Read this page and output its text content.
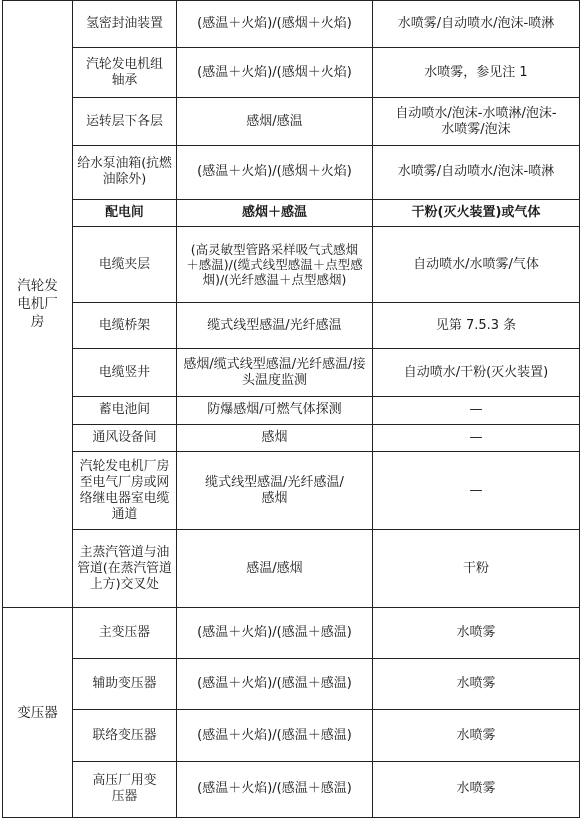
汽轮发电机厂房	氢密封油装置	(感温＋火焰)/(感烟＋火焰)	水喷雾/自动喷水/泡沫-喷淋
	汽轮发电机组轴承	(感温＋火焰)/(感烟＋火焰)	水喷雾，参见注 1
	运转层下各层	感烟/感温	自动喷水/泡沫-水喷淋/泡沫-水喷雾/泡沫
	给水泵油箱(抗燃油除外)	(感温＋火焰)/(感烟＋火焰)	水喷雾/自动喷水/泡沫-喷淋
	配电间	感烟＋感温	干粉(灭火装置)或气体
	电缆夹层	(高灵敏型管路采样吸气式感烟＋感温)/(缆式线型感温＋点型感烟)/(光纤感温＋点型感烟)	自动喷水/水喷雾/气体
	电缆桥架	缆式线型感温/光纤感温	见第 7.5.3 条
	电缆竖井	感烟/缆式线型感温/光纤感温/接头温度监测	自动喷水/干粉(灭火装置)
	蓄电池间	防爆感烟/可燃气体探测	—
	通风设备间	感烟	—
	汽轮发电机厂房至电气厂房或网络继电器室电缆通道	缆式线型感温/光纤感温/感烟	—
	主蒸汽管道与油管道(在蒸汽管道上方)交叉处	感温/感烟	干粉
变压器	主变压器	(感温＋火焰)/(感温＋感温)	水喷雾
	辅助变压器	(感温＋火焰)/(感温＋感温)	水喷雾
	联络变压器	(感温＋火焰)/(感温＋感温)	水喷雾
	高压厂用变压器	(感温＋火焰)/(感温＋感温)	水喷雾
